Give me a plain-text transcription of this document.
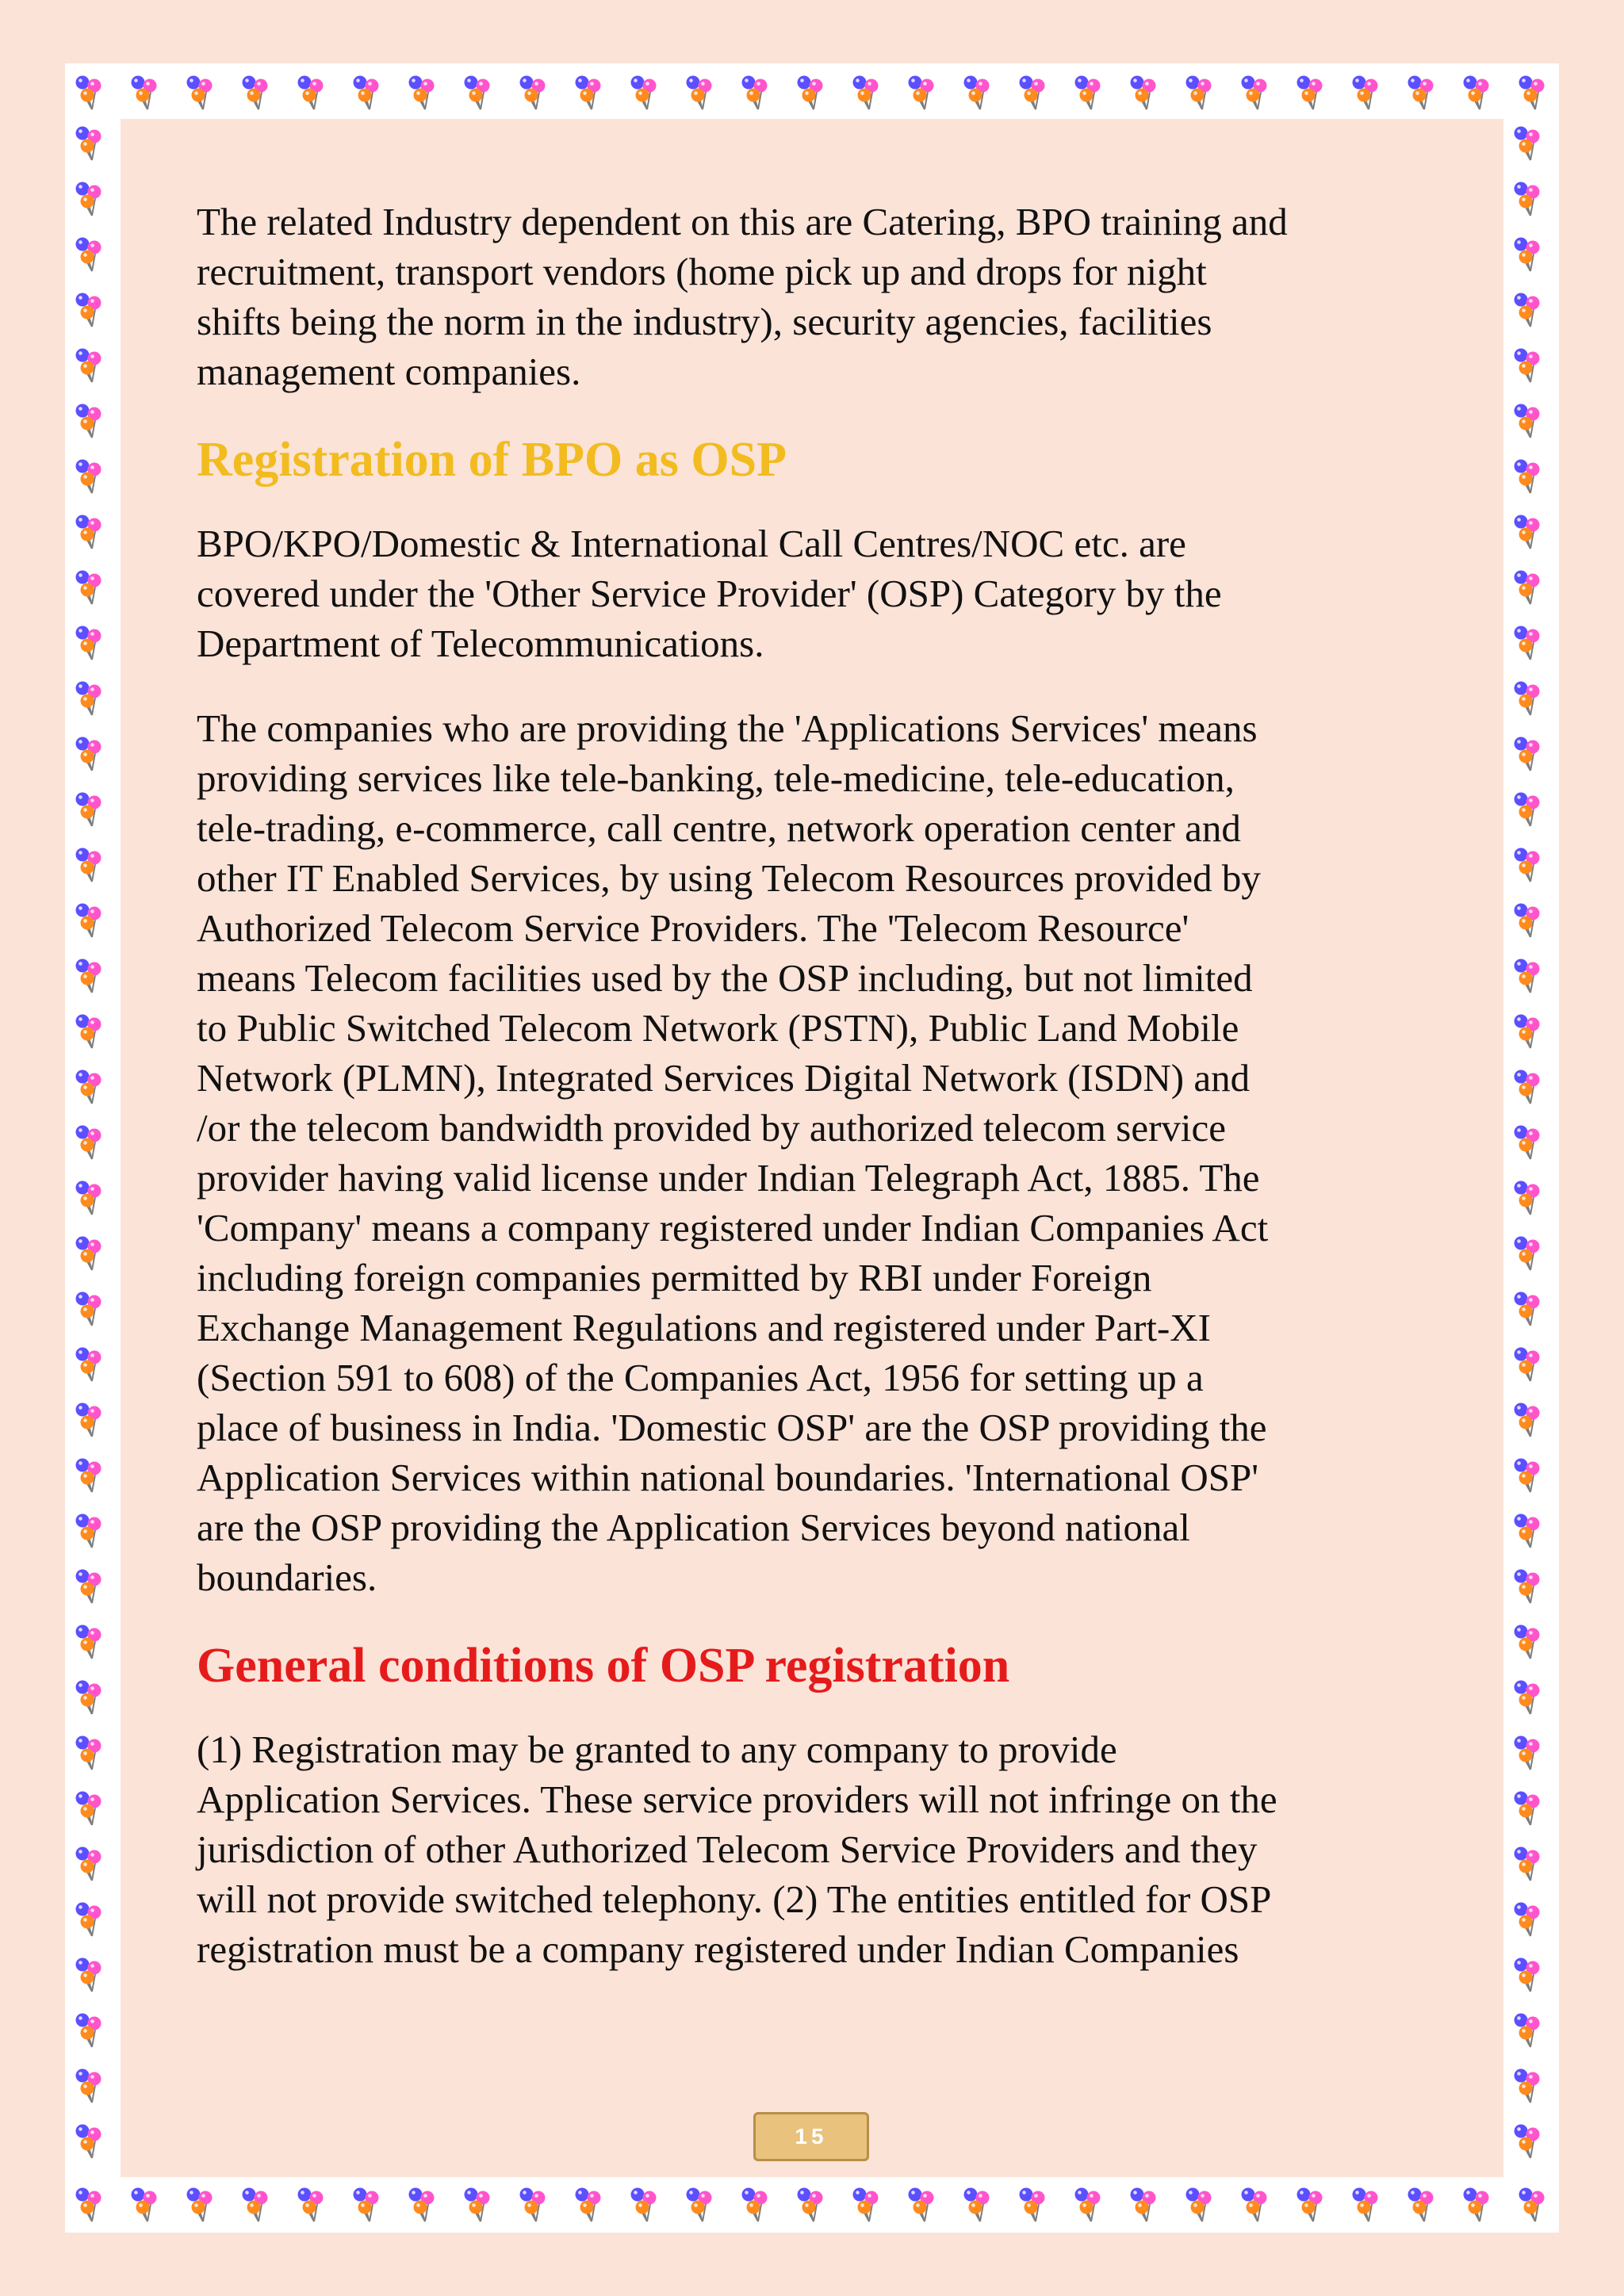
The related Industry dependent on this are Catering, BPO training and
recruitment, transport vendors (home pick up and drops for night
shifts being the norm in the industry), security agencies, facilities
management companies.

Registration of BPO as OSP

BPO/KPO/Domestic & International Call Centres/NOC etc. are
covered under the 'Other Service Provider' (OSP) Category by the
Department of Telecommunications.

The companies who are providing the 'Applications Services' means
providing services like tele-banking, tele-medicine, tele-education,
tele-trading, e-commerce, call centre, network operation center and
other IT Enabled Services, by using Telecom Resources provided by
Authorized Telecom Service Providers. The 'Telecom Resource'
means Telecom facilities used by the OSP including, but not limited
to Public Switched Telecom Network (PSTN), Public Land Mobile
Network (PLMN), Integrated Services Digital Network (ISDN) and
/or the telecom bandwidth provided by authorized telecom service
provider having valid license under Indian Telegraph Act, 1885. The
'Company' means a company registered under Indian Companies Act
including foreign companies permitted by RBI under Foreign
Exchange Management Regulations and registered under Part-XI
(Section 591 to 608) of the Companies Act, 1956 for setting up a
place of business in India. 'Domestic OSP' are the OSP providing the
Application Services within national boundaries. 'International OSP'
are the OSP providing the Application Services beyond national
boundaries.

General conditions of OSP registration

(1) Registration may be granted to any company to provide
Application Services. These service providers will not infringe on the
jurisdiction of other Authorized Telecom Service Providers and they
will not provide switched telephony. (2) The entities entitled for OSP
registration must be a company registered under Indian Companies

15
